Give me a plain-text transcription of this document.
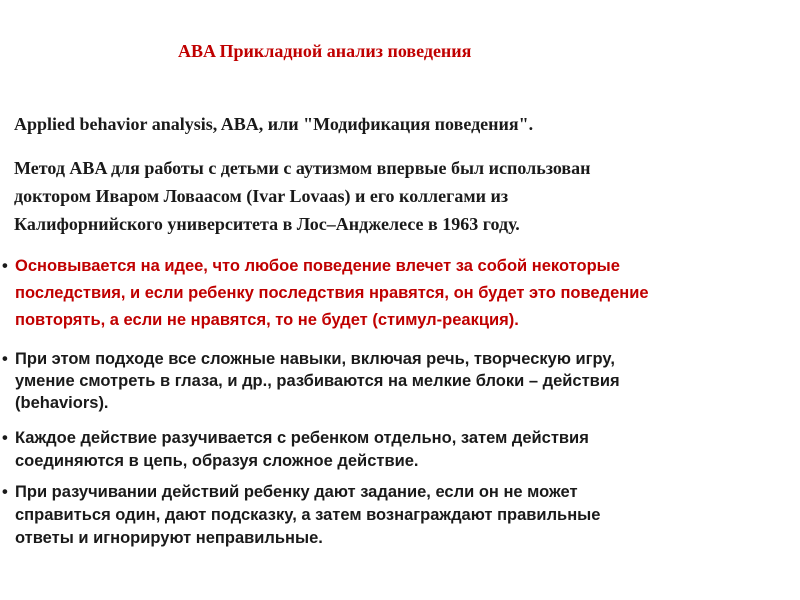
ABA Прикладной анализ поведения

Applied behavior analysis, ABA, или "Модификация поведения".

Метод ABA для работы с детьми с аутизмом впервые был использован
доктором Иваром Ловаасом (Ivar Lovaas) и его коллегами из
Калифорнийского университета в Лос–Анджелесе в 1963 году.

• Основывается на идее, что любое поведение влечет за собой некоторые
последствия, и если ребенку последствия нравятся, он будет это поведение
повторять, а если не нравятся, то не будет (стимул-реакция).
• При этом подходе все сложные навыки, включая речь, творческую игру,
умение смотреть в глаза, и др., разбиваются на мелкие блоки – действия
(behaviors).
• Каждое действие разучивается с ребенком отдельно, затем действия
соединяются в цепь, образуя сложное действие.
• При разучивании действий ребенку дают задание, если он не может
справиться один, дают подсказку, а затем вознаграждают правильные
ответы и игнорируют неправильные.
